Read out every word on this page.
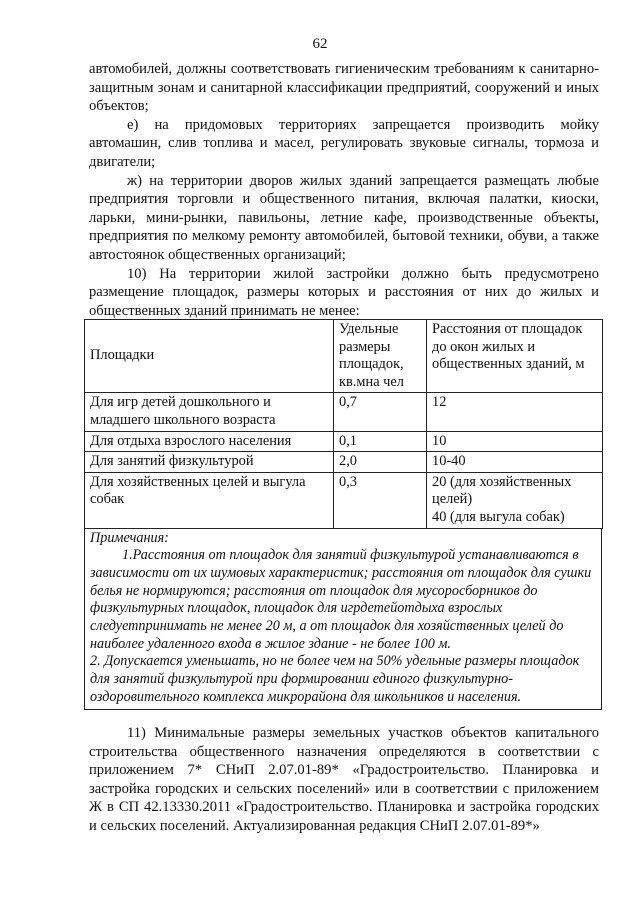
62

автомобилей, должны соответствовать гигиеническим требованиям к санитарно-защитным зонам и санитарной классификации предприятий, сооружений и иных объектов;

е) на придомовых территориях запрещается производить мойку автомашин, слив топлива и масел, регулировать звуковые сигналы, тормоза и двигатели;

ж) на территории дворов жилых зданий запрещается размещать любые предприятия торговли и общественного питания, включая палатки, киоски, ларьки, мини-рынки, павильоны, летние кафе, производственные объекты, предприятия по мелкому ремонту автомобилей, бытовой техники, обуви, а также автостоянок общественных организаций;

10) На территории жилой застройки должно быть предусмотрено размещение площадок, размеры которых и расстояния от них до жилых и общественных зданий принимать не менее:

Площадки	Удельные размеры площадок, кв.мна чел	Расстояния от площадок до окон жилых и общественных зданий, м
Для игр детей дошкольного и младшего школьного возраста	0,7	12
Для отдыха взрослого населения	0,1	10
Для занятий физкультурой	2,0	10-40
Для хозяйственных целей и выгула собак	0,3	20 (для хозяйственных целей)
40 (для выгула собак)

Примечания:

1.Расстояния от площадок для занятий физкультурой устанавливаются в зависимости от их шумовых характеристик; расстояния от площадок для сушки белья не нормируются; расстояния от площадок для мусоросборников до физкультурных площадок, площадок для игрдетейотдыха взрослых следуетпринимать не менее 20 м, а от площадок для хозяйственных целей до наиболее удаленного входа в жилое здание - не более 100 м.

2. Допускается уменьшать, но не более чем на 50% удельные размеры площадок для занятий физкультурой при формировании единого физкультурно-оздоровительного комплекса микрорайона для школьников и населения.

11) Минимальные размеры земельных участков объектов капитального строительства общественного назначения определяются в соответствии с приложением 7* СНиП 2.07.01-89* «Градостроительство. Планировка и застройка городских и сельских поселений» или в соответствии с приложением Ж в СП 42.13330.2011 «Градостроительство. Планировка и застройка городских и сельских поселений. Актуализированная редакция СНиП 2.07.01-89*»
